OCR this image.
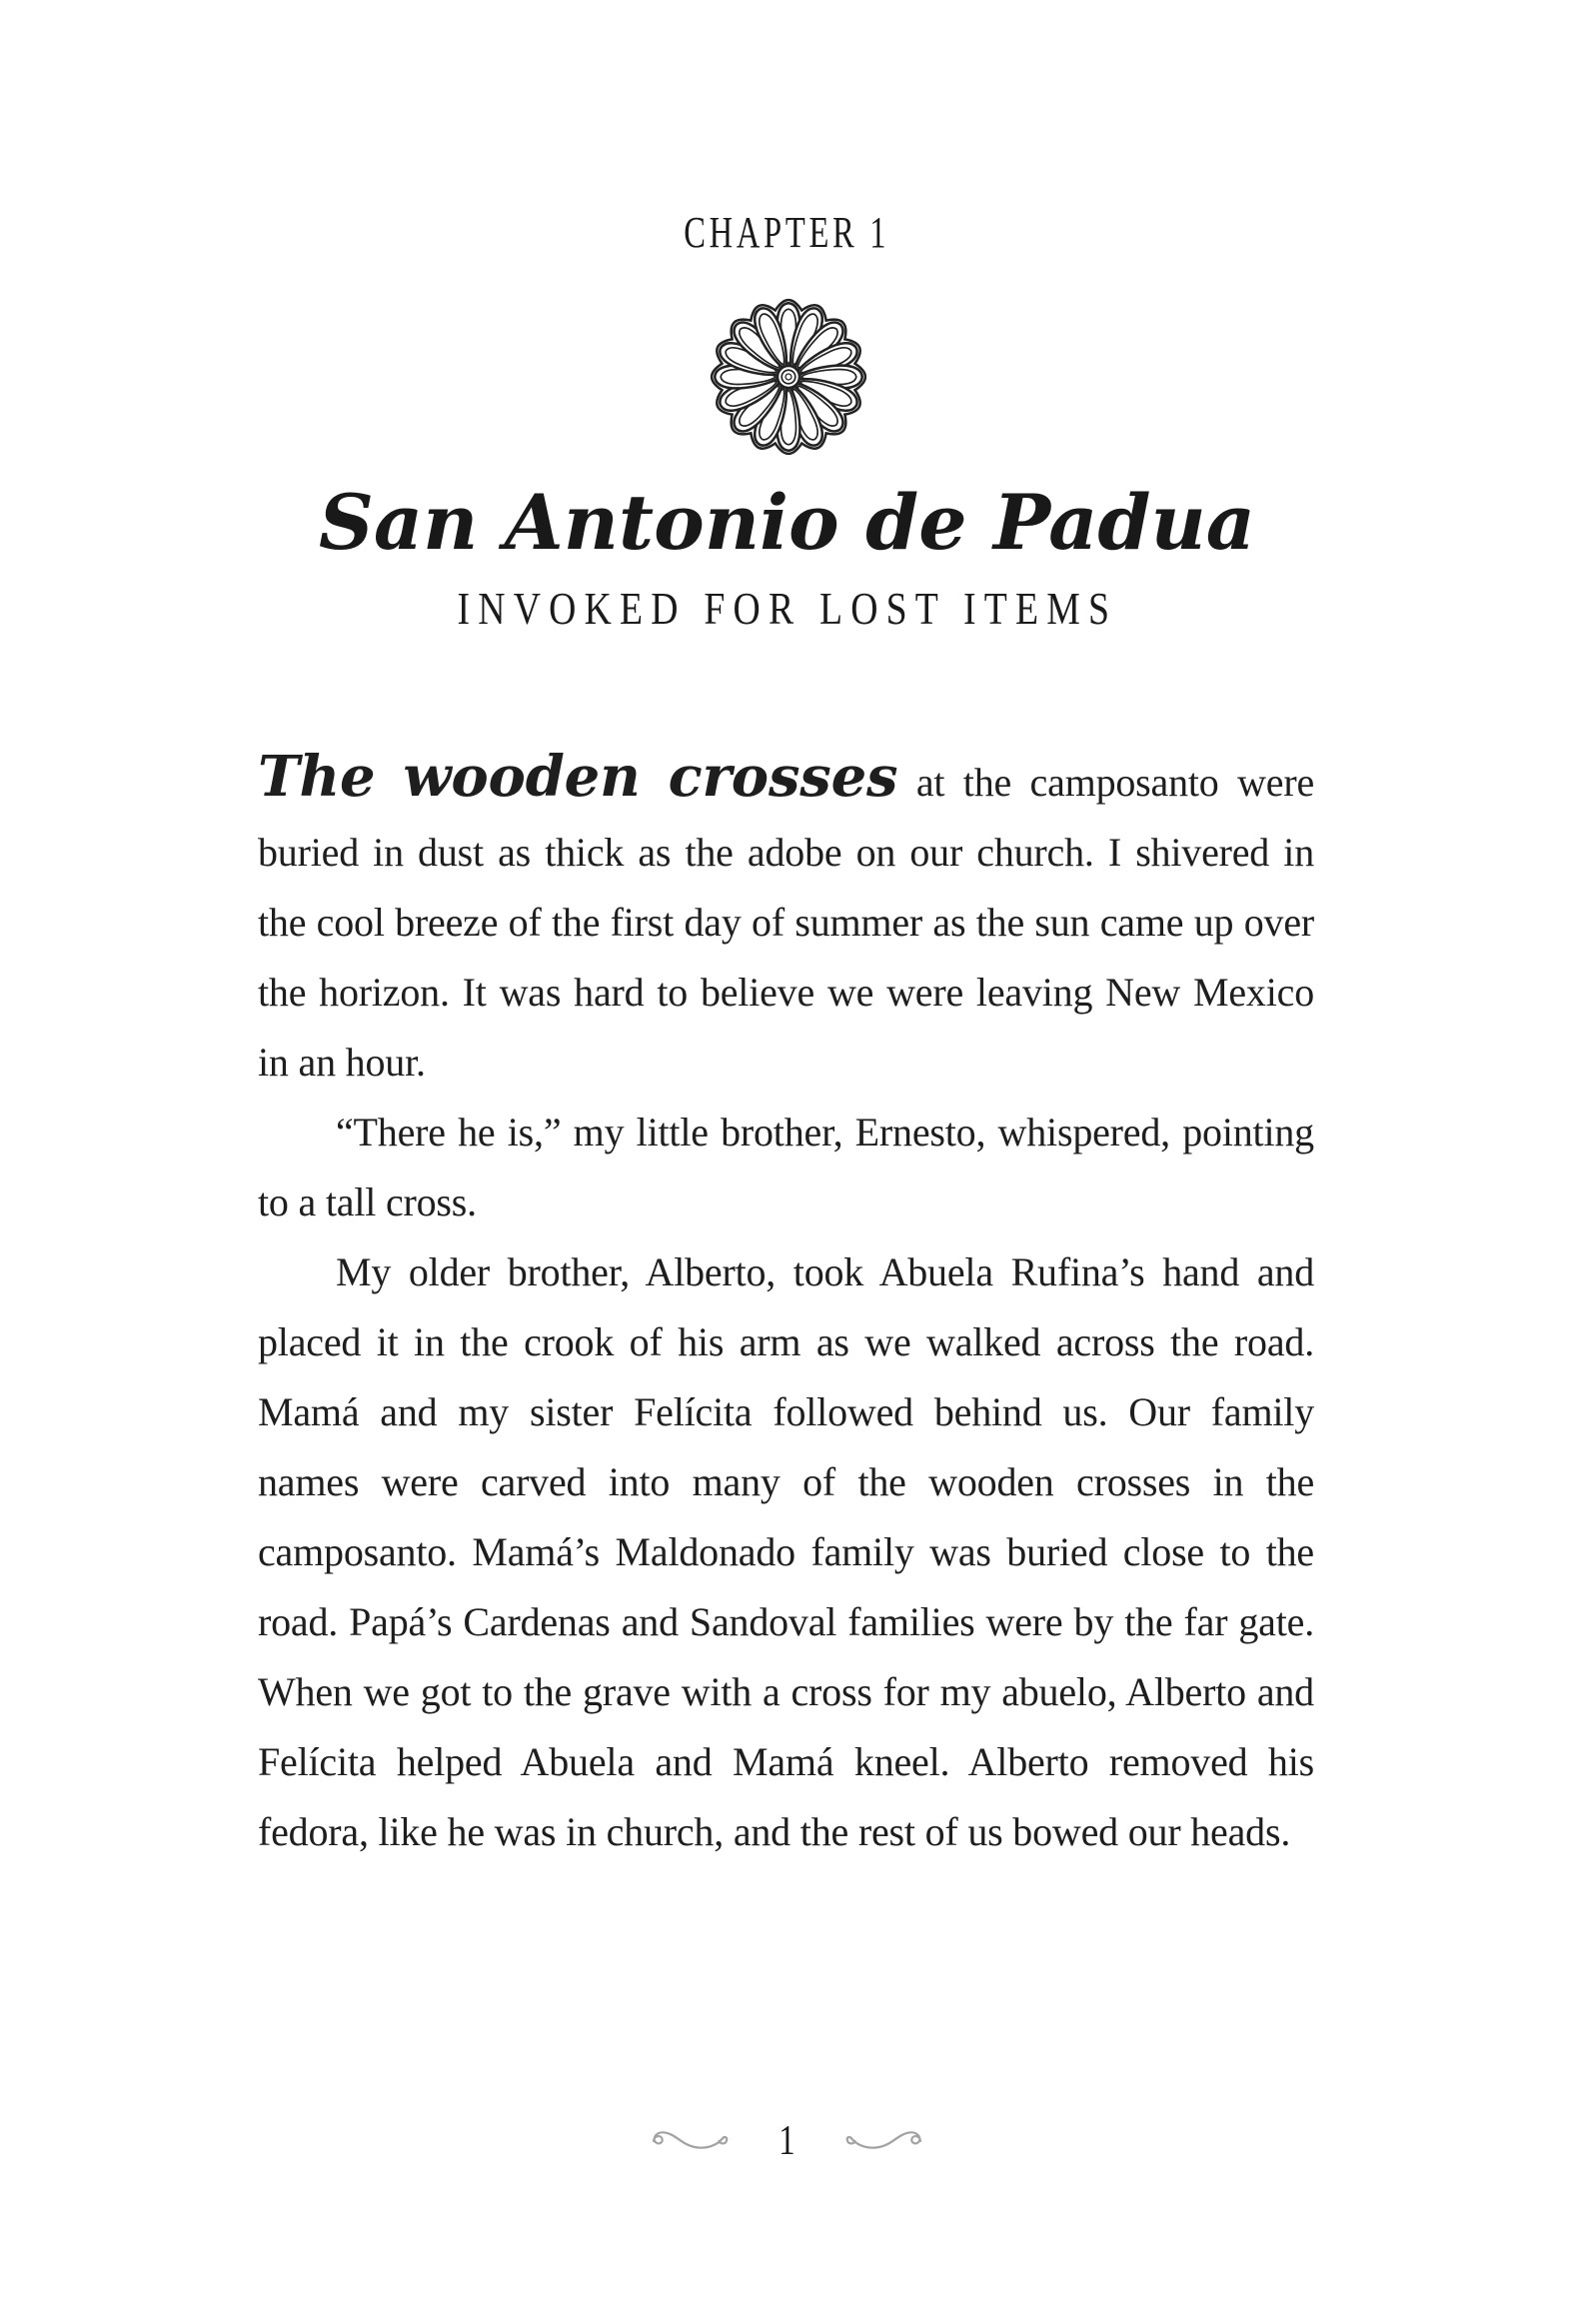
CHAPTER 1
San Antonio de Padua
INVOKED FOR LOST ITEMS

The wooden crosses at the camposanto were buried in dust as thick as the adobe on our church. I shivered in the cool breeze of the first day of summer as the sun came up over the horizon. It was hard to believe we were leaving New Mexico in an hour.

“There he is,” my little brother, Ernesto, whispered, pointing to a tall cross.

My older brother, Alberto, took Abuela Rufina’s hand and placed it in the crook of his arm as we walked across the road. Mamá and my sister Felícita followed behind us. Our family names were carved into many of the wooden crosses in the camposanto. Mamá’s Maldonado family was buried close to the road. Papá’s Cardenas and Sandoval families were by the far gate. When we got to the grave with a cross for my abuelo, Alberto and Felícita helped Abuela and Mamá kneel. Alberto removed his fedora, like he was in church, and the rest of us bowed our heads.

1
